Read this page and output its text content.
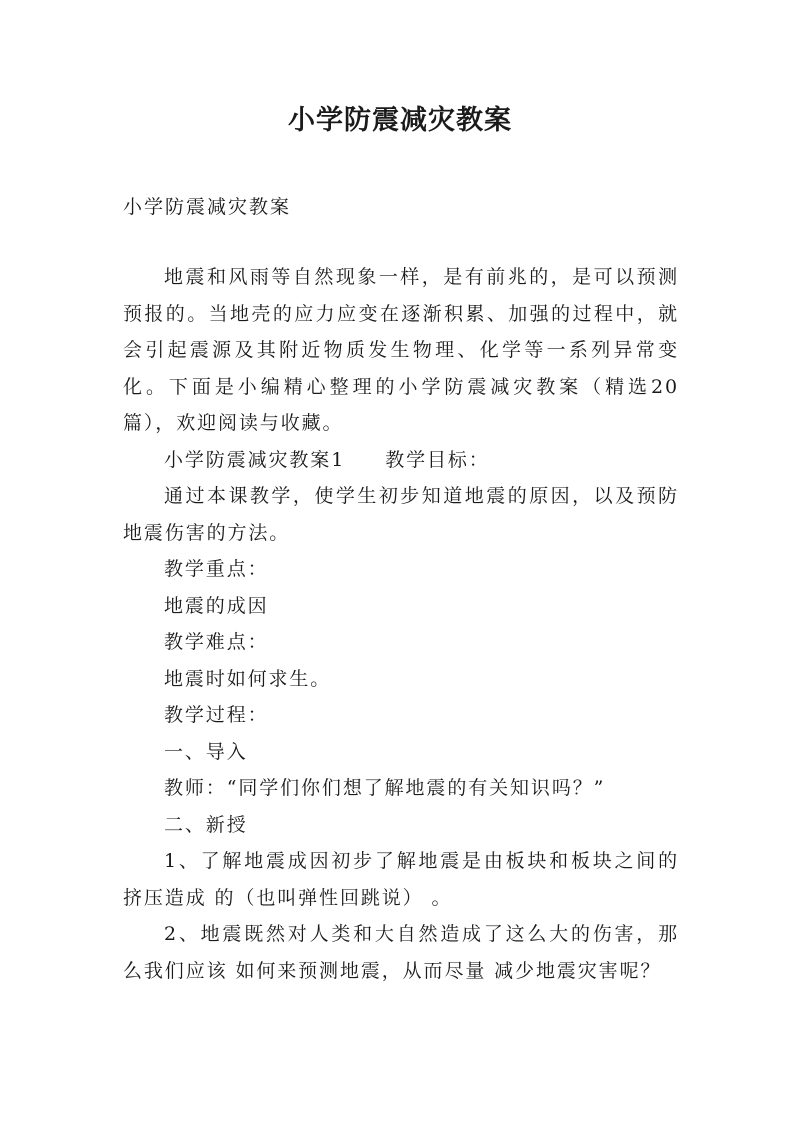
小学防震减灾教案
小学防震减灾教案

地震和风雨等自然现象一样，是有前兆的，是可以预测预报的。当地壳的应力应变在逐渐积累、加强的过程中，就会引起震源及其附近物质发生物理、化学等一系列异常变化。下面是小编精心整理的小学防震减灾教案（精选20篇），欢迎阅读与收藏。

小学防震减灾教案1 教学目标：

通过本课教学，使学生初步知道地震的原因，以及预防地震伤害的方法。

教学重点：

地震的成因

教学难点：

地震时如何求生。

教学过程：

一、导入

教师：“同学们你们想了解地震的有关知识吗？”

二、新授

1、了解地震成因初步了解地震是由板块和板块之间的挤压造成 的（也叫弹性回跳说） 。

2、地震既然对人类和大自然造成了这么大的伤害，那么我们应该 如何来预测地震，从而尽量 减少地震灾害呢？
